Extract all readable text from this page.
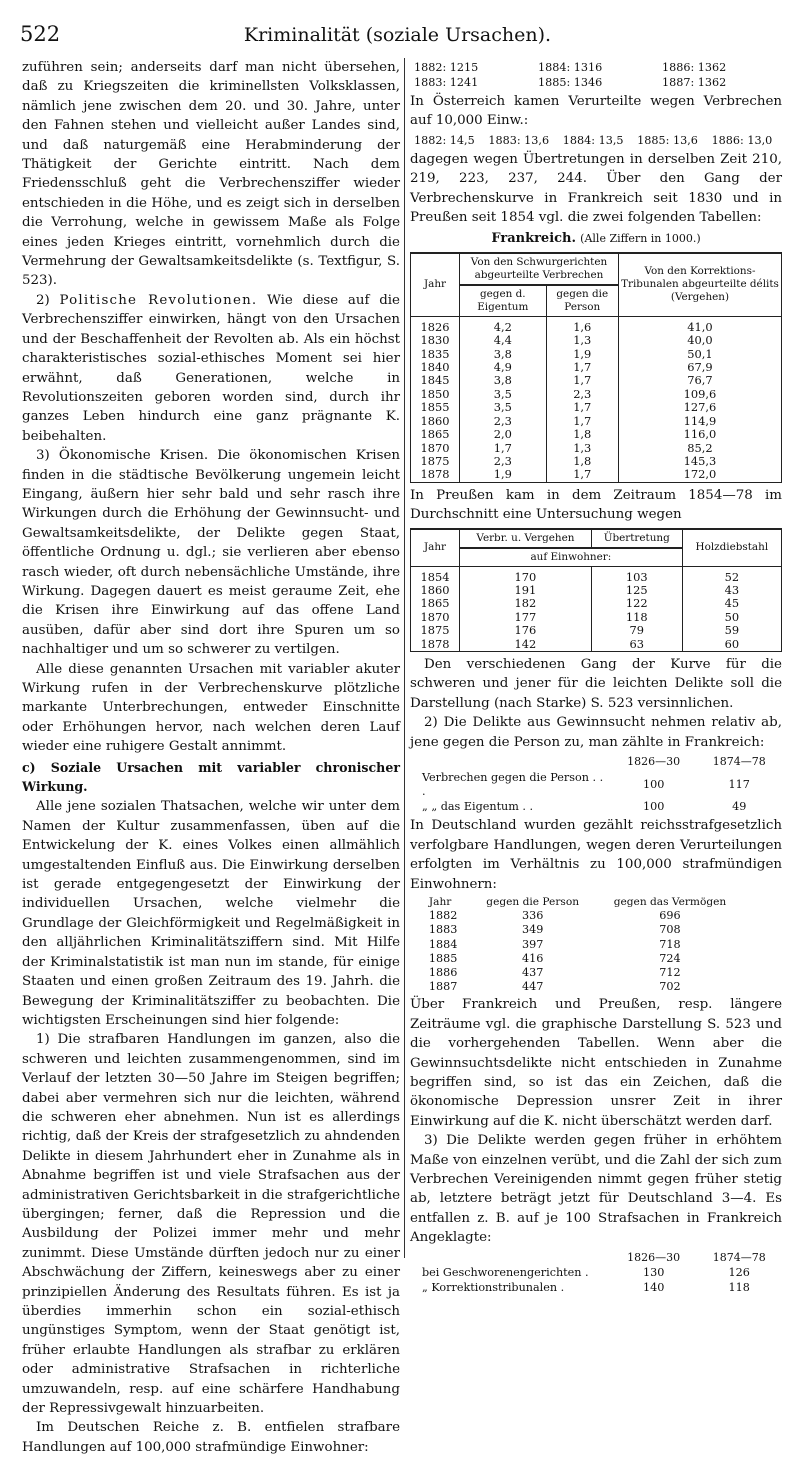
522	Kriminalität (soziale Ursachen).

zuführen sein; anderseits darf man nicht übersehen, daß zu Kriegszeiten die kriminellsten Volksklassen, nämlich jene zwischen dem 20. und 30. Jahre, unter den Fahnen stehen und vielleicht außer Landes sind, und daß naturgemäß eine Herabminderung der Thätigkeit der Gerichte eintritt. Nach dem Friedensschluß geht die Verbrechensziffer wieder entschieden in die Höhe, und es zeigt sich in derselben die Verrohung, welche in gewissem Maße als Folge eines jeden Krieges eintritt, vornehmlich durch die Vermehrung der Gewaltsamkeitsdelikte (s. Textfigur, S. 523).

2) Politische Revolutionen. Wie diese auf die Verbrechensziffer einwirken, hängt von den Ursachen und der Beschaffenheit der Revolten ab. Als ein höchst charakteristisches sozial-ethisches Moment sei hier erwähnt, daß Generationen, welche in Revolutionszeiten geboren worden sind, durch ihr ganzes Leben hindurch eine ganz prägnante K. beibehalten.

3) Ökonomische Krisen. Die ökonomischen Krisen finden in die städtische Bevölkerung ungemein leicht Eingang, äußern hier sehr bald und sehr rasch ihre Wirkungen durch die Erhöhung der Gewinnsucht- und Gewaltsamkeitsdelikte, der Delikte gegen Staat, öffentliche Ordnung u. dgl.; sie verlieren aber ebenso rasch wieder, oft durch nebensächliche Umstände, ihre Wirkung. Dagegen dauert es meist geraume Zeit, ehe die Krisen ihre Einwirkung auf das offene Land ausüben, dafür aber sind dort ihre Spuren um so nachhaltiger und um so schwerer zu vertilgen.

Alle diese genannten Ursachen mit variabler akuter Wirkung rufen in der Verbrechenskurve plötzliche markante Unterbrechungen, entweder Einschnitte oder Erhöhungen hervor, nach welchen deren Lauf wieder eine ruhigere Gestalt annimmt.

c) Soziale Ursachen mit variabler chronischer Wirkung.

Alle jene sozialen Thatsachen, welche wir unter dem Namen der Kultur zusammenfassen, üben auf die Entwickelung der K. eines Volkes einen allmählich umgestaltenden Einfluß aus. Die Einwirkung derselben ist gerade entgegengesetzt der Einwirkung der individuellen Ursachen, welche vielmehr die Grundlage der Gleichförmigkeit und Regelmäßigkeit in den alljährlichen Kriminalitätsziffern sind. Mit Hilfe der Kriminalstatistik ist man nun im stande, für einige Staaten und einen großen Zeitraum des 19. Jahrh. die Bewegung der Kriminalitätsziffer zu beobachten. Die wichtigsten Erscheinungen sind hier folgende:

1) Die strafbaren Handlungen im ganzen, also die schweren und leichten zusammengenommen, sind im Verlauf der letzten 30—50 Jahre im Steigen begriffen; dabei aber vermehren sich nur die leichten, während die schweren eher abnehmen. Nun ist es allerdings richtig, daß der Kreis der strafgesetzlich zu ahndenden Delikte in diesem Jahrhundert eher in Zunahme als in Abnahme begriffen ist und viele Strafsachen aus der administrativen Gerichtsbarkeit in die strafgerichtliche übergingen; ferner, daß die Repression und die Ausbildung der Polizei immer mehr und mehr zunimmt. Diese Umstände dürften jedoch nur zu einer Abschwächung der Ziffern, keineswegs aber zu einer prinzipiellen Änderung des Resultats führen. Es ist ja überdies immerhin schon ein sozial-ethisch ungünstiges Symptom, wenn der Staat genötigt ist, früher erlaubte Handlungen als strafbar zu erklären oder administrative Strafsachen in richterliche umzuwandeln, resp. auf eine schärfere Handhabung der Repressivgewalt hinzuarbeiten.

Im Deutschen Reiche z. B. entfielen strafbare Handlungen auf 100,000 strafmündige Einwohner:

1882: 1215	1884: 1316	1886: 1362
1883: 1241	1885: 1346	1887: 1362

In Österreich kamen Verurteilte wegen Verbrechen auf 10,000 Einw.:

1882: 14,5	1883: 13,6	1884: 13,5	1885: 13,6	1886: 13,0

dagegen wegen Übertretungen in derselben Zeit 210, 219, 223, 237, 244. Über den Gang der Verbrechenskurve in Frankreich seit 1830 und in Preußen seit 1854 vgl. die zwei folgenden Tabellen:

Frankreich. (Alle Ziffern in 1000.)
Jahr	Von den Schwurgerichten abgeurteilte Verbrechen		Von den Korrektions-Tribunalen abgeurteilte délits (Vergehen)
	gegen d. Eigentum	gegen die Person	
1826	4,2	1,6	41,0
1830	4,4	1,3	40,0
1835	3,8	1,9	50,1
1840	4,9	1,7	67,9
1845	3,8	1,7	76,7
1850	3,5	2,3	109,6
1855	3,5	1,7	127,6
1860	2,3	1,7	114,9
1865	2,0	1,8	116,0
1870	1,7	1,3	85,2
1875	2,3	1,8	145,3
1878	1,9	1,7	172,0

In Preußen kam in dem Zeitraum 1854—78 im Durchschnitt eine Untersuchung wegen

Jahr	Verbr. u. Vergehen	Übertretung	Holzdiebstahl
	auf Einwohner:		
1854	170	103	52
1860	191	125	43
1865	182	122	45
1870	177	118	50
1875	176	79	59
1878	142	63	60

Den verschiedenen Gang der Kurve für die schweren und jener für die leichten Delikte soll die Darstellung (nach Starke) S. 523 versinnlichen.

2) Die Delikte aus Gewinnsucht nehmen relativ ab, jene gegen die Person zu, man zählte in Frankreich:

	1826—30	1874—78
Verbrechen gegen die Person . . .	100	117
„ „ das Eigentum . .	100	49

In Deutschland wurden gezählt reichsstrafgesetzlich verfolgbare Handlungen, wegen deren Verurteilungen erfolgten im Verhältnis zu 100,000 strafmündigen Einwohnern:

Jahr	gegen die Person	gegen das Vermögen
1882	336	696
1883	349	708
1884	397	718
1885	416	724
1886	437	712
1887	447	702

Über Frankreich und Preußen, resp. längere Zeiträume vgl. die graphische Darstellung S. 523 und die vorhergehenden Tabellen. Wenn aber die Gewinnsuchtsdelikte nicht entschieden in Zunahme begriffen sind, so ist das ein Zeichen, daß die ökonomische Depression unsrer Zeit in ihrer Einwirkung auf die K. nicht überschätzt werden darf.

3) Die Delikte werden gegen früher in erhöhtem Maße von einzelnen verübt, und die Zahl der sich zum Verbrechen Vereinigenden nimmt gegen früher stetig ab, letztere beträgt jetzt für Deutschland 3—4. Es entfallen z. B. auf je 100 Strafsachen in Frankreich Angeklagte:

	1826—30	1874—78
bei Geschworenengerichten .	130	126
„ Korrektionstribunalen .	140	118
